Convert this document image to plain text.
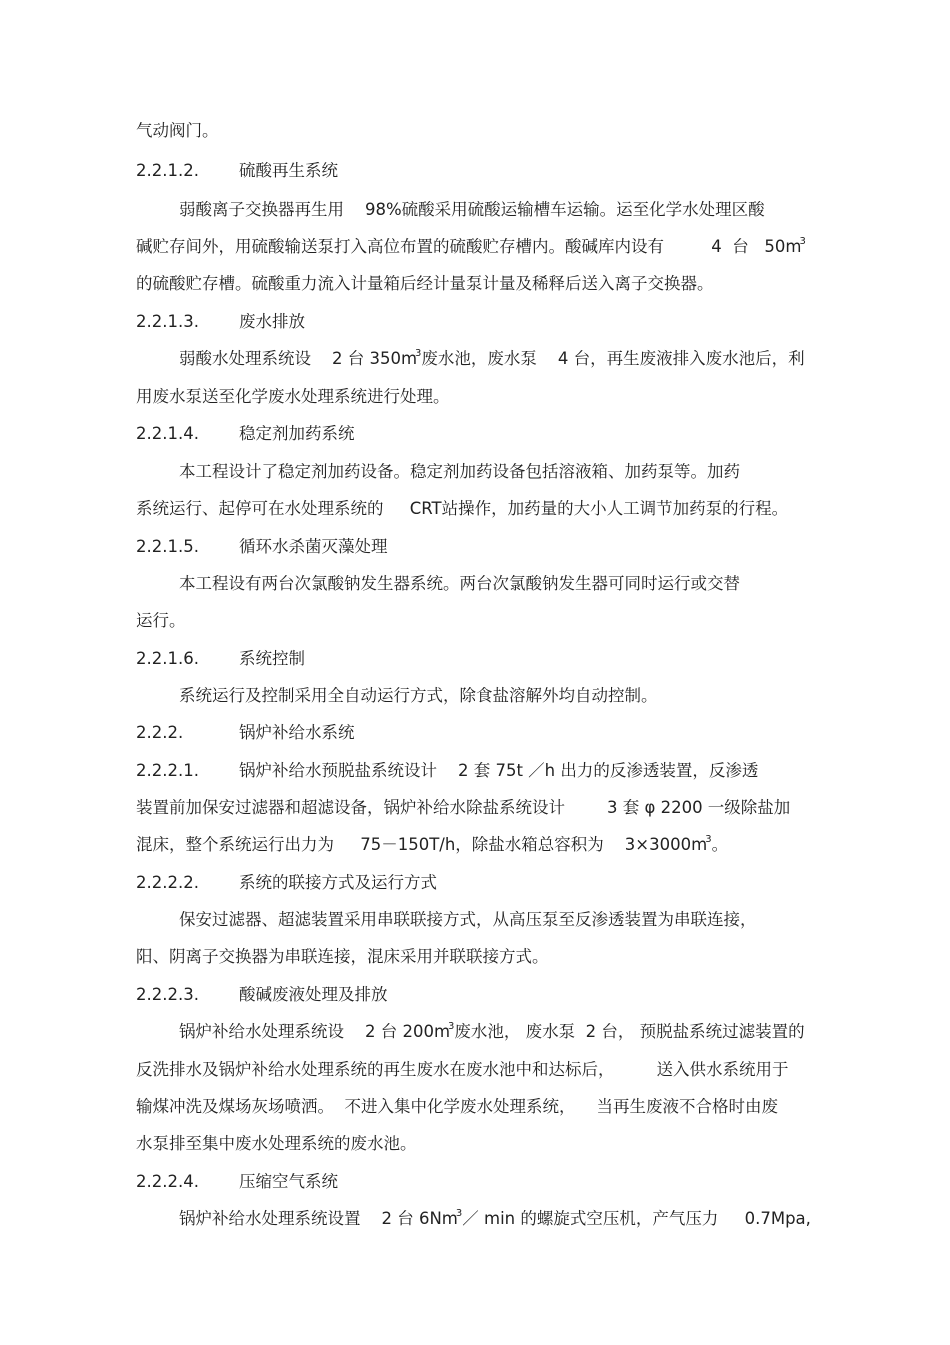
气动阀门。
2.2.1.2. 硫酸再生系统
弱酸离子交换器再生用    98%硫酸采用硫酸运输槽车运输。运至化学水处理区酸
碱贮存间外，用硫酸输送泵打入高位布置的硫酸贮存槽内。酸碱库内设有         4  台   $50m^3$
的硫酸贮存槽。硫酸重力流入计量箱后经计量泵计量及稀释后送入离子交换器。
2.2.1.3. 废水排放
弱酸水处理系统设    2 台 $350m^3$废水池，废水泵    4 台，再生废液排入废水池后，利
用废水泵送至化学废水处理系统进行处理。
2.2.1.4. 稳定剂加药系统
本工程设计了稳定剂加药设备。稳定剂加药设备包括溶液箱、加药泵等。加药
系统运行、起停可在水处理系统的     CRT站操作，加药量的大小人工调节加药泵的行程。
2.2.1.5. 循环水杀菌灭藻处理
本工程设有两台次氯酸钠发生器系统。两台次氯酸钠发生器可同时运行或交替
运行。
2.2.1.6. 系统控制
系统运行及控制采用全自动运行方式，除食盐溶解外均自动控制。
2.2.2.	锅炉补给水系统
2.2.2.1. 锅炉补给水预脱盐系统设计    2 套 75t ／h 出力的反渗透装置，反渗透
装置前加保安过滤器和超滤设备，锅炉补给水除盐系统设计        3 套 φ 2200 一级除盐加
混床，整个系统运行出力为     75－150T/h，除盐水箱总容积为    $3\times 3000m^3$。
2.2.2.2. 系统的联接方式及运行方式
保安过滤器、超滤装置采用串联联接方式，从高压泵至反渗透装置为串联连接，
阳、阴离子交换器为串联连接，混床采用并联联接方式。
2.2.2.3. 酸碱废液处理及排放
锅炉补给水处理系统设    2 台 $200m^3$废水池， 废水泵  2 台， 预脱盐系统过滤装置的
反洗排水及锅炉补给水处理系统的再生废水在废水池中和达标后，        送入供水系统用于
输煤冲洗及煤场灰场喷洒。  不进入集中化学废水处理系统，    当再生废液不合格时由废
水泵排至集中废水处理系统的废水池。
2.2.2.4. 压缩空气系统
锅炉补给水处理系统设置    2 台 6Nm$^3$／ min 的螺旋式空压机，产气压力     0.7Mpa,
